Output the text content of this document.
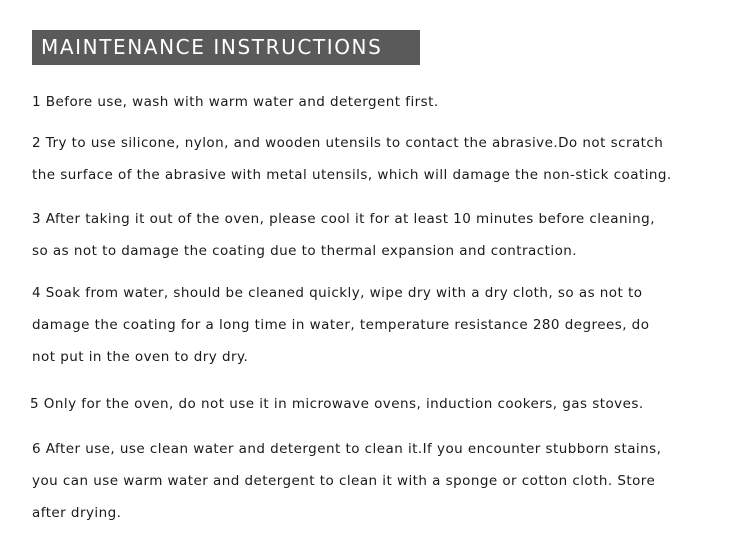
MAINTENANCE INSTRUCTIONS
1 Before use, wash with warm water and detergent first.
2 Try to use silicone, nylon, and wooden utensils to contact the abrasive.Do not scratch
the surface of the abrasive with metal utensils, which will damage the non-stick coating.
3 After taking it out of the oven, please cool it for at least 10 minutes before cleaning,
so as not to damage the coating due to thermal expansion and contraction.
4 Soak from water, should be cleaned quickly, wipe dry with a dry cloth, so as not to
damage the coating for a long time in water, temperature resistance 280 degrees, do
not put in the oven to dry dry.
5 Only for the oven, do not use it in microwave ovens, induction cookers, gas stoves.
6 After use, use clean water and detergent to clean it.If you encounter stubborn stains,
you can use warm water and detergent to clean it with a sponge or cotton cloth. Store
after drying.
